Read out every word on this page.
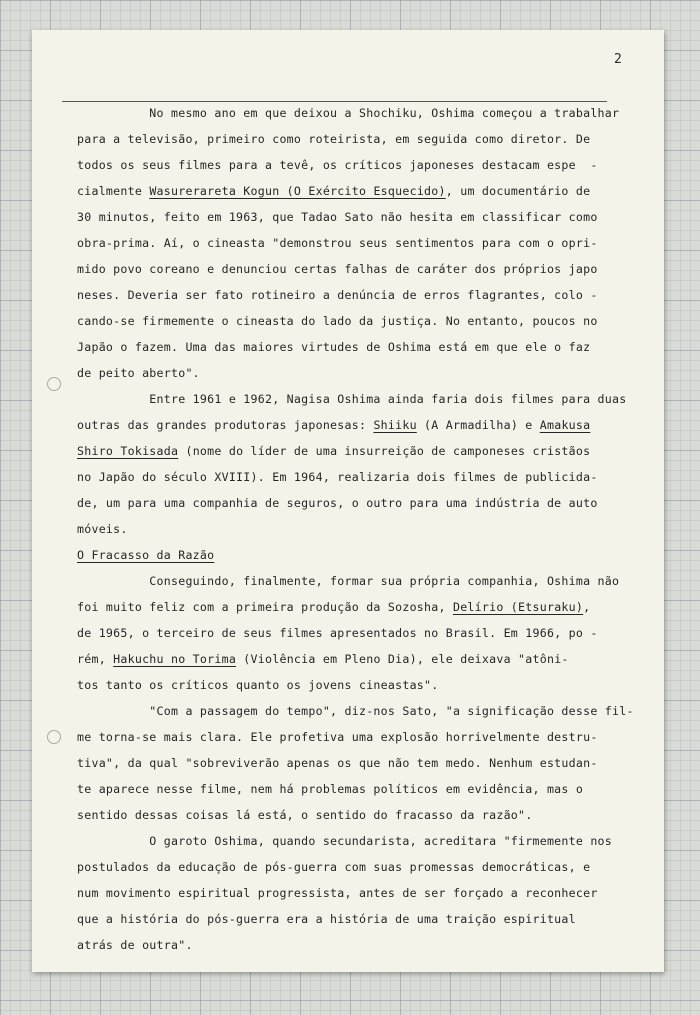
2
No mesmo ano em que deixou a Shochiku, Oshima começou a trabalhar
para a televisão, primeiro como roteirista, em seguida como diretor. De
todos os seus filmes para a tevê, os críticos japoneses destacam espe  -
cialmente Wasurerareta Kogun (O Exército Esquecido), um documentário de
30 minutos, feito em 1963, que Tadao Sato não hesita em classificar como
obra-prima. Aí, o cineasta "demonstrou seus sentimentos para com o opri-
mido povo coreano e denunciou certas falhas de caráter dos próprios japo
neses. Deveria ser fato rotineiro a denúncia de erros flagrantes, colo -
cando-se firmemente o cineasta do lado da justiça. No entanto, poucos no
Japão o fazem. Uma das maiores virtudes de Oshima está em que ele o faz
de peito aberto".
Entre 1961 e 1962, Nagisa Oshima ainda faria dois filmes para duas
outras das grandes produtoras japonesas: Shiiku (A Armadilha) e Amakusa
Shiro Tokisada (nome do líder de uma insurreição de camponeses cristãos
no Japão do século XVIII). Em 1964, realizaria dois filmes de publicida-
de, um para uma companhia de seguros, o outro para uma indústria de auto
móveis.
O Fracasso da Razão
Conseguindo, finalmente, formar sua própria companhia, Oshima não
foi muito feliz com a primeira produção da Sozosha, Delírio (Etsuraku),
de 1965, o terceiro de seus filmes apresentados no Brasil. Em 1966, po -
rém, Hakuchu no Torima (Violência em Pleno Dia), ele deixava "atôni-
tos tanto os críticos quanto os jovens cineastas".
"Com a passagem do tempo", diz-nos Sato, "a significação desse fil-
me torna-se mais clara. Ele profetiva uma explosão horrivelmente destru-
tiva", da qual "sobreviverão apenas os que não tem medo. Nenhum estudan-
te aparece nesse filme, nem há problemas políticos em evidência, mas o
sentido dessas coisas lá está, o sentido do fracasso da razão".
O garoto Oshima, quando secundarista, acreditara "firmemente nos
postulados da educação de pós-guerra com suas promessas democráticas, e
num movimento espiritual progressista, antes de ser forçado a reconhecer
que a história do pós-guerra era a história de uma traição espiritual
atrás de outra".
